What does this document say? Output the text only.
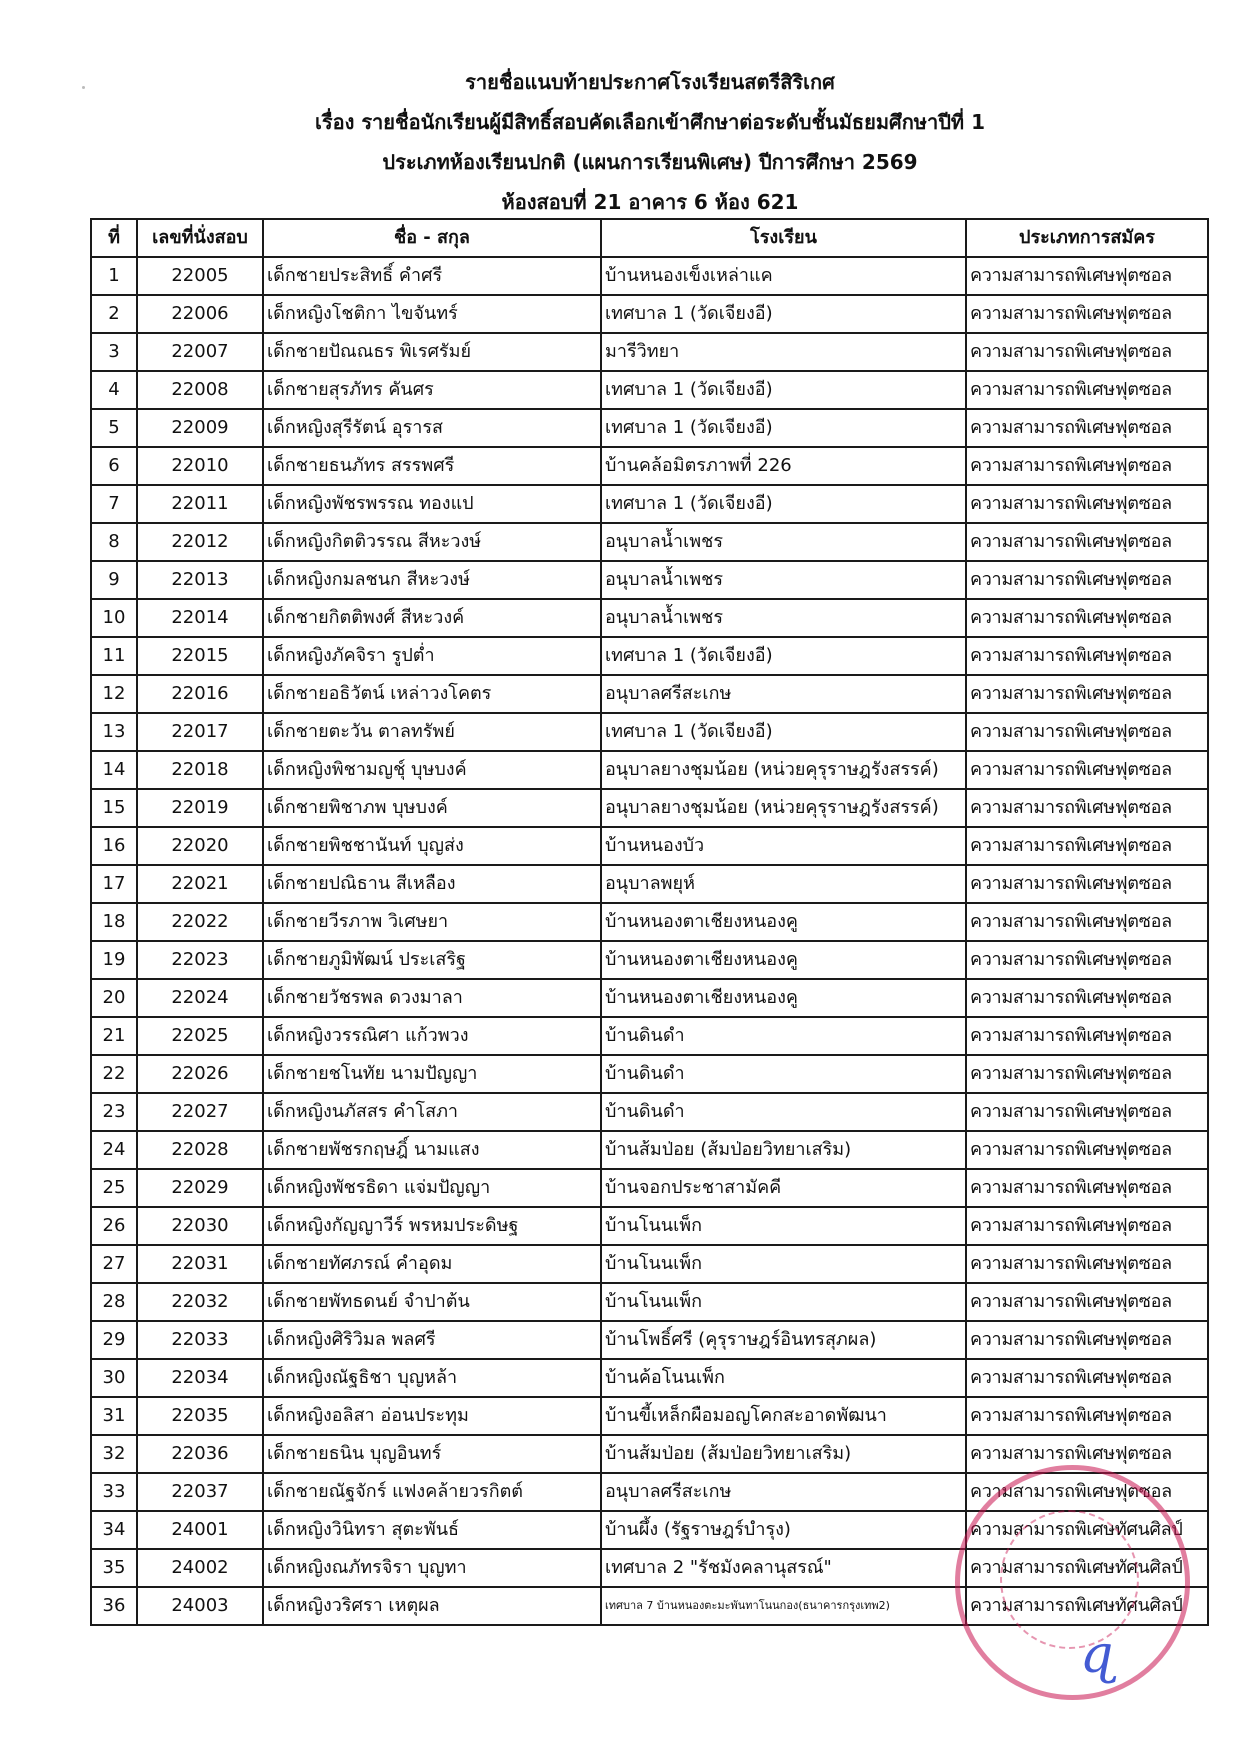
รายชื่อแนบท้ายประกาศโรงเรียนสตรีสิริเกศ
เรื่อง รายชื่อนักเรียนผู้มีสิทธิ์สอบคัดเลือกเข้าศึกษาต่อระดับชั้นมัธยมศึกษาปีที่ 1
ประเภทห้องเรียนปกติ (แผนการเรียนพิเศษ) ปีการศึกษา 2569
ห้องสอบที่ 21 อาคาร 6 ห้อง 621
ที่	เลขที่นั่งสอบ	ชื่อ - สกุล	โรงเรียน	ประเภทการสมัคร
1	22005	เด็กชายประสิทธิ์ คำศรี	บ้านหนองเข็งเหล่าแค	ความสามารถพิเศษฟุตซอล
2	22006	เด็กหญิงโชติกา ไขจันทร์	เทศบาล 1 (วัดเจียงอี)	ความสามารถพิเศษฟุตซอล
3	22007	เด็กชายปัณณธร พิเรศรัมย์	มารีวิทยา	ความสามารถพิเศษฟุตซอล
4	22008	เด็กชายสุรภัทร คันศร	เทศบาล 1 (วัดเจียงอี)	ความสามารถพิเศษฟุตซอล
5	22009	เด็กหญิงสุรีรัตน์ อุรารส	เทศบาล 1 (วัดเจียงอี)	ความสามารถพิเศษฟุตซอล
6	22010	เด็กชายธนภัทร สรรพศรี	บ้านคล้อมิตรภาพที่ 226	ความสามารถพิเศษฟุตซอล
7	22011	เด็กหญิงพัชรพรรณ ทองแป	เทศบาล 1 (วัดเจียงอี)	ความสามารถพิเศษฟุตซอล
8	22012	เด็กหญิงกิตติวรรณ สีหะวงษ์	อนุบาลน้ำเพชร	ความสามารถพิเศษฟุตซอล
9	22013	เด็กหญิงกมลชนก สีหะวงษ์	อนุบาลน้ำเพชร	ความสามารถพิเศษฟุตซอล
10	22014	เด็กชายกิตติพงศ์ สีหะวงค์	อนุบาลน้ำเพชร	ความสามารถพิเศษฟุตซอล
11	22015	เด็กหญิงภัคจิรา รูปต่ำ	เทศบาล 1 (วัดเจียงอี)	ความสามารถพิเศษฟุตซอล
12	22016	เด็กชายอธิวัตน์ เหล่าวงโคตร	อนุบาลศรีสะเกษ	ความสามารถพิเศษฟุตซอล
13	22017	เด็กชายตะวัน ตาลทรัพย์	เทศบาล 1 (วัดเจียงอี)	ความสามารถพิเศษฟุตซอล
14	22018	เด็กหญิงพิชามญชุ์ บุษบงค์	อนุบาลยางชุมน้อย (หน่วยคุรุราษฎรังสรรค์)	ความสามารถพิเศษฟุตซอล
15	22019	เด็กชายพิชาภพ บุษบงค์	อนุบาลยางชุมน้อย (หน่วยคุรุราษฎรังสรรค์)	ความสามารถพิเศษฟุตซอล
16	22020	เด็กชายพิชชานันท์ บุญส่ง	บ้านหนองบัว	ความสามารถพิเศษฟุตซอล
17	22021	เด็กชายปณิธาน สีเหลือง	อนุบาลพยุห์	ความสามารถพิเศษฟุตซอล
18	22022	เด็กชายวีรภาพ วิเศษยา	บ้านหนองตาเชียงหนองคู	ความสามารถพิเศษฟุตซอล
19	22023	เด็กชายภูมิพัฒน์ ประเสริฐ	บ้านหนองตาเชียงหนองคู	ความสามารถพิเศษฟุตซอล
20	22024	เด็กชายวัชรพล ดวงมาลา	บ้านหนองตาเชียงหนองคู	ความสามารถพิเศษฟุตซอล
21	22025	เด็กหญิงวรรณิศา แก้วพวง	บ้านดินดำ	ความสามารถพิเศษฟุตซอล
22	22026	เด็กชายชโนทัย นามปัญญา	บ้านดินดำ	ความสามารถพิเศษฟุตซอล
23	22027	เด็กหญิงนภัสสร คำโสภา	บ้านดินดำ	ความสามารถพิเศษฟุตซอล
24	22028	เด็กชายพัชรกฤษฎิ์ นามแสง	บ้านส้มป่อย (ส้มป่อยวิทยาเสริม)	ความสามารถพิเศษฟุตซอล
25	22029	เด็กหญิงพัชรธิดา แจ่มปัญญา	บ้านจอกประชาสามัคคี	ความสามารถพิเศษฟุตซอล
26	22030	เด็กหญิงกัญญาวีร์ พรหมประดิษฐ	บ้านโนนเพ็ก	ความสามารถพิเศษฟุตซอล
27	22031	เด็กชายทัศภรณ์ คำอุดม	บ้านโนนเพ็ก	ความสามารถพิเศษฟุตซอล
28	22032	เด็กชายพัทธดนย์ จำปาต้น	บ้านโนนเพ็ก	ความสามารถพิเศษฟุตซอล
29	22033	เด็กหญิงศิริวิมล พลศรี	บ้านโพธิ์ศรี (คุรุราษฎร์อินทรสุภผล)	ความสามารถพิเศษฟุตซอล
30	22034	เด็กหญิงณัฐธิชา บุญหล้า	บ้านค้อโนนเพ็ก	ความสามารถพิเศษฟุตซอล
31	22035	เด็กหญิงอลิสา อ่อนประทุม	บ้านขี้เหล็กผือมอญโคกสะอาดพัฒนา	ความสามารถพิเศษฟุตซอล
32	22036	เด็กชายธนิน บุญอินทร์	บ้านส้มป่อย (ส้มป่อยวิทยาเสริม)	ความสามารถพิเศษฟุตซอล
33	22037	เด็กชายณัฐจักร์ แฟงคล้ายวรกิตต์	อนุบาลศรีสะเกษ	ความสามารถพิเศษฟุตซอล
34	24001	เด็กหญิงวินิทรา สุตะพันธ์	บ้านผึ้ง (รัฐราษฎร์บำรุง)	ความสามารถพิเศษทัศนศิลป์
35	24002	เด็กหญิงณภัทรจิรา บุญทา	เทศบาล 2 "รัชมังคลานุสรณ์"	ความสามารถพิเศษทัศนศิลป์
36	24003	เด็กหญิงวริศรา เหตุผล	เทศบาล 7 บ้านหนองตะมะพันทาโนนกอง(ธนาคารกรุงเทพ2)	ความสามารถพิเศษทัศนศิลป์
ɋ
